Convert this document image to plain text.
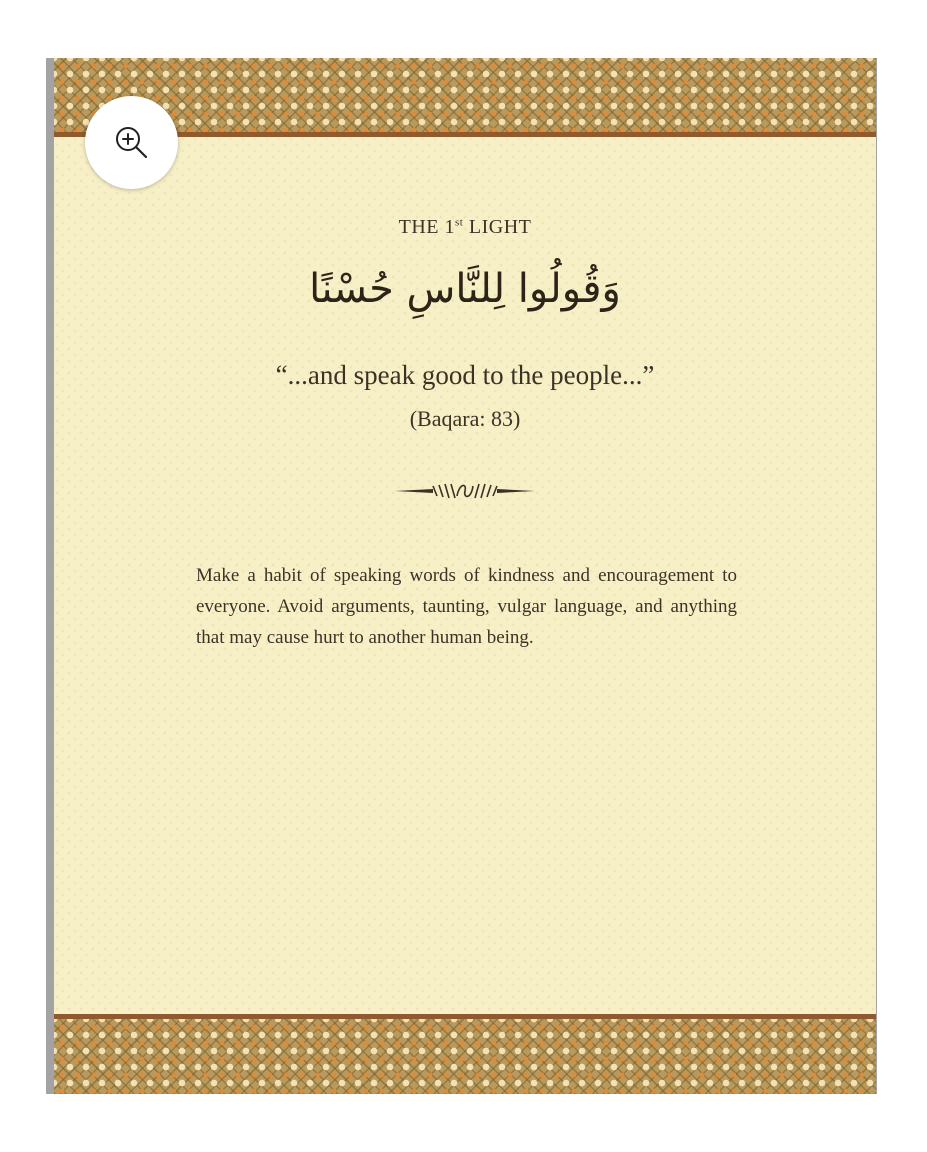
THE 1st LIGHT
وَقُولُوا لِلنَّاسِ حُسْنًا
“...and speak good to the people...”
(Baqara: 83)
Make a habit of speaking words of kindness and encouragement to everyone. Avoid arguments, taunting, vulgar language, and anything that may cause hurt to another human being.
